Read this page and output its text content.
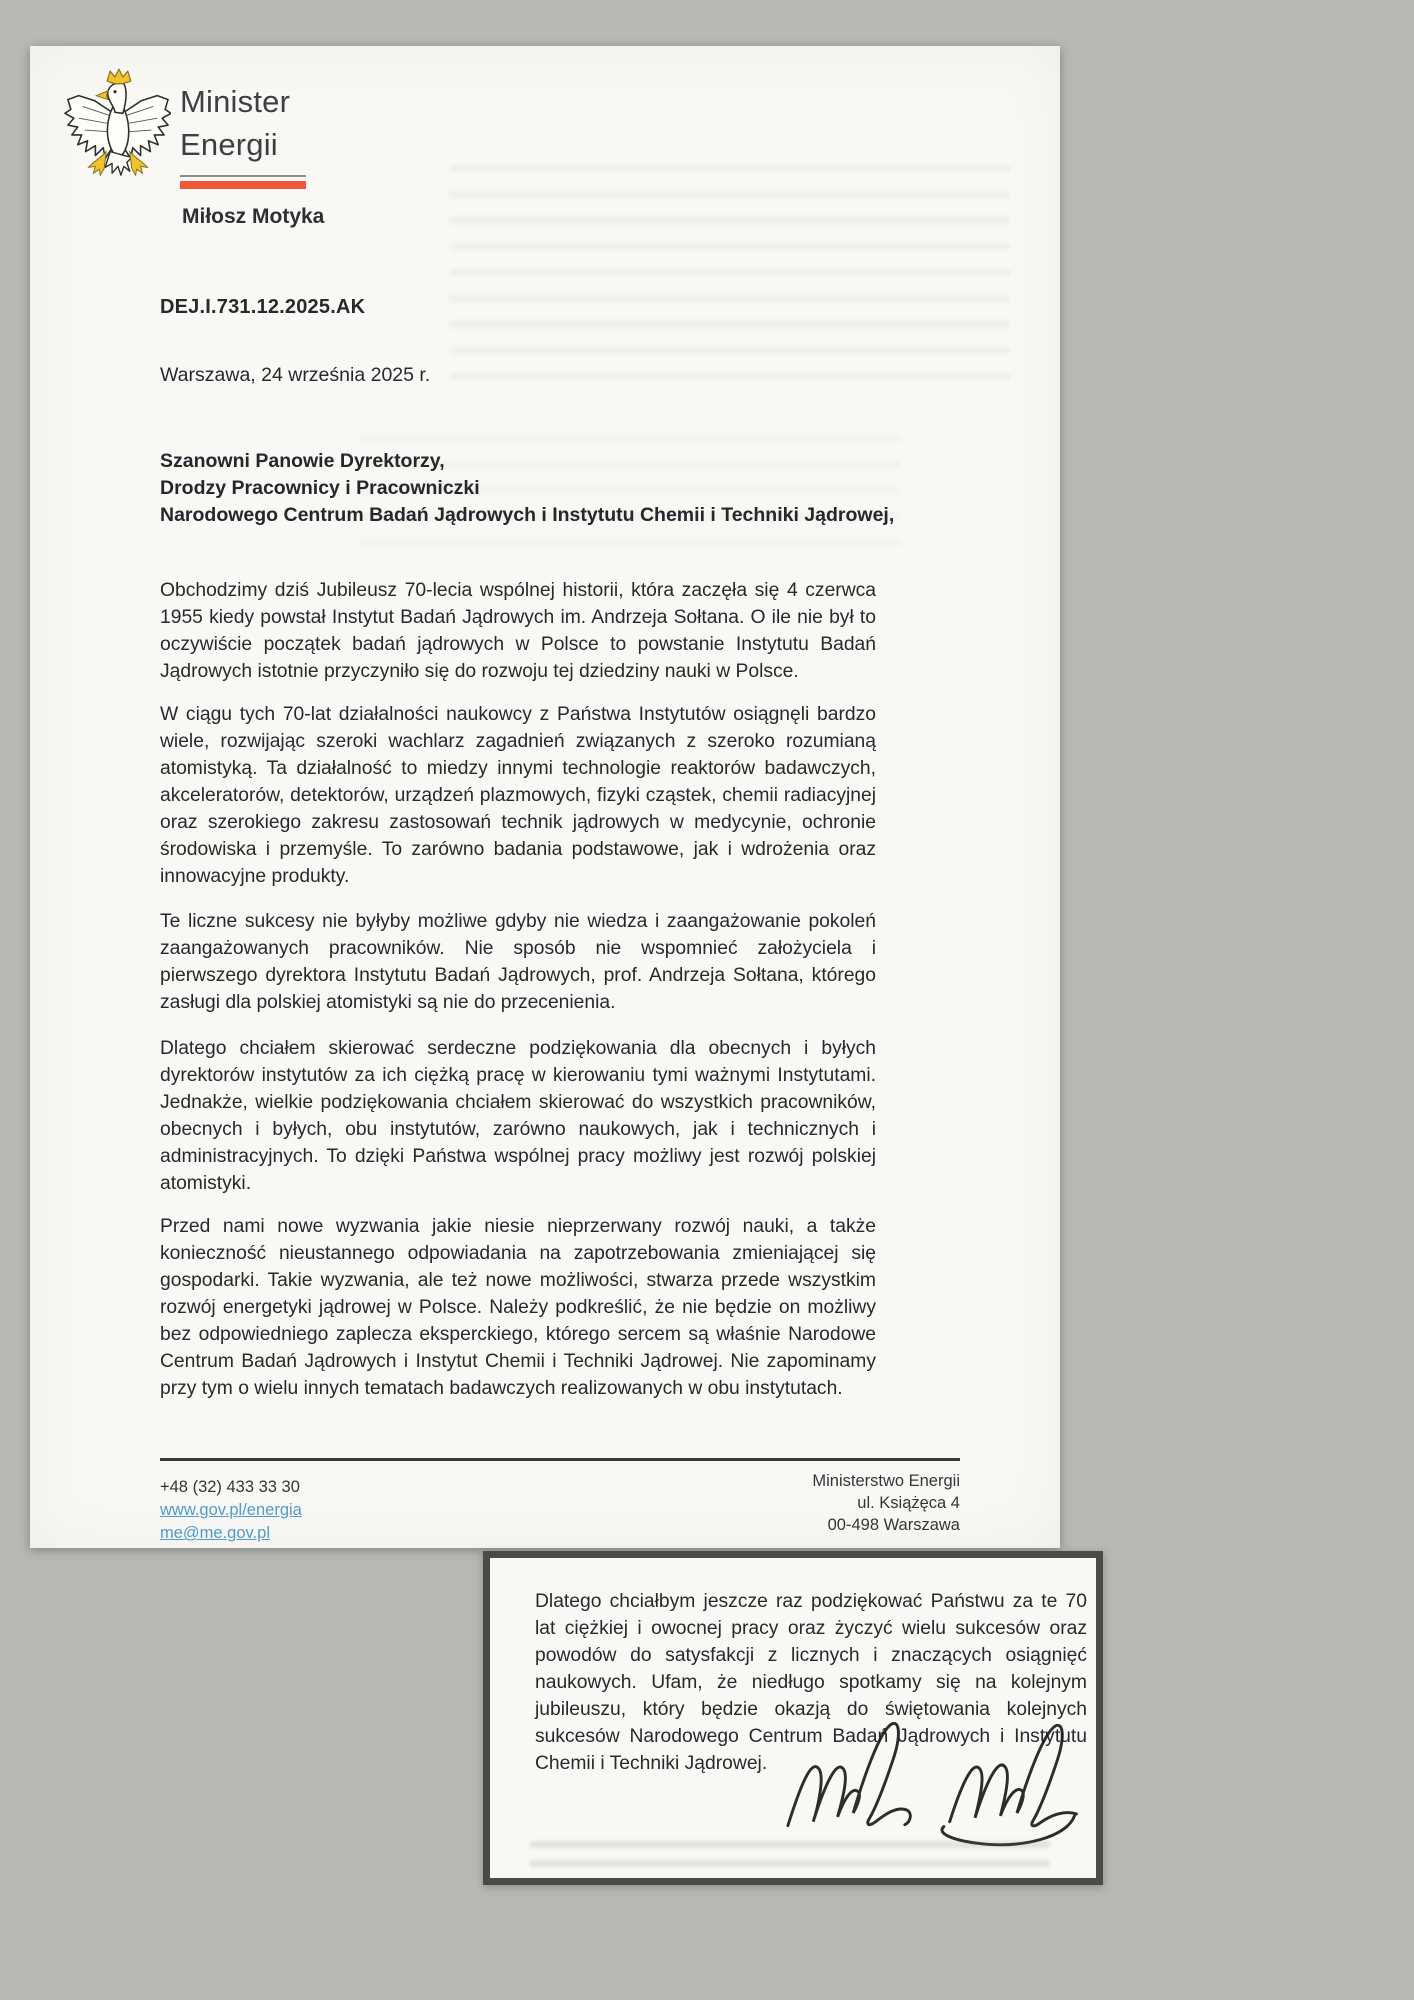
Minister
Energii
Miłosz Motyka
DEJ.I.731.12.2025.AK
Warszawa, 24 września 2025 r.
Szanowni Panowie Dyrektorzy,
Drodzy Pracownicy i Pracowniczki
Narodowego Centrum Badań Jądrowych i Instytutu Chemii i Techniki Jądrowej,

Obchodzimy dziś Jubileusz 70-lecia wspólnej historii, która zaczęła się 4 czerwca 1955 kiedy powstał Instytut Badań Jądrowych im. Andrzeja Sołtana. O ile nie był to oczywiście początek badań jądrowych w Polsce to powstanie Instytutu Badań Jądrowych istotnie przyczyniło się do rozwoju tej dziedziny nauki w Polsce.

W ciągu tych 70-lat działalności naukowcy z Państwa Instytutów osiągnęli bardzo wiele, rozwijając szeroki wachlarz zagadnień związanych z szeroko rozumianą atomistyką. Ta działalność to miedzy innymi technologie reaktorów badawczych, akceleratorów, detektorów, urządzeń plazmowych, fizyki cząstek, chemii radiacyjnej oraz szerokiego zakresu zastosowań technik jądrowych w medycynie, ochronie środowiska i przemyśle. To zarówno badania podstawowe, jak i wdrożenia oraz innowacyjne produkty.

Te liczne sukcesy nie byłyby możliwe gdyby nie wiedza i zaangażowanie pokoleń zaangażowanych pracowników. Nie sposób nie wspomnieć założyciela i pierwszego dyrektora Instytutu Badań Jądrowych, prof. Andrzeja Sołtana, którego zasługi dla polskiej atomistyki są nie do przecenienia.

Dlatego chciałem skierować serdeczne podziękowania dla obecnych i byłych dyrektorów instytutów za ich ciężką pracę w kierowaniu tymi ważnymi Instytutami. Jednakże, wielkie podziękowania chciałem skierować do wszystkich pracowników, obecnych i byłych, obu instytutów, zarówno naukowych, jak i technicznych i administracyjnych. To dzięki Państwa wspólnej pracy możliwy jest rozwój polskiej atomistyki.

Przed nami nowe wyzwania jakie niesie nieprzerwany rozwój nauki, a także konieczność nieustannego odpowiadania na zapotrzebowania zmieniającej się gospodarki. Takie wyzwania, ale też nowe możliwości, stwarza przede wszystkim rozwój energetyki jądrowej w Polsce. Należy podkreślić, że nie będzie on możliwy bez odpowiedniego zaplecza eksperckiego, którego sercem są właśnie Narodowe Centrum Badań Jądrowych i Instytut Chemii i Techniki Jądrowej. Nie zapominamy przy tym o wielu innych tematach badawczych realizowanych w obu instytutach.

+48 (32) 433 33 30
www.gov.pl/energia
me@me.gov.pl
Ministerstwo Energii
ul. Książęca 4
00-498 Warszawa

Dlatego chciałbym jeszcze raz podziękować Państwu za te 70 lat ciężkiej i owocnej pracy oraz życzyć wielu sukcesów oraz powodów do satysfakcji z licznych i znaczących osiągnięć naukowych. Ufam, że niedługo spotkamy się na kolejnym jubileuszu, który będzie okazją do świętowania kolejnych sukcesów Narodowego Centrum Badań Jądrowych i Instytutu Chemii i Techniki Jądrowej.
